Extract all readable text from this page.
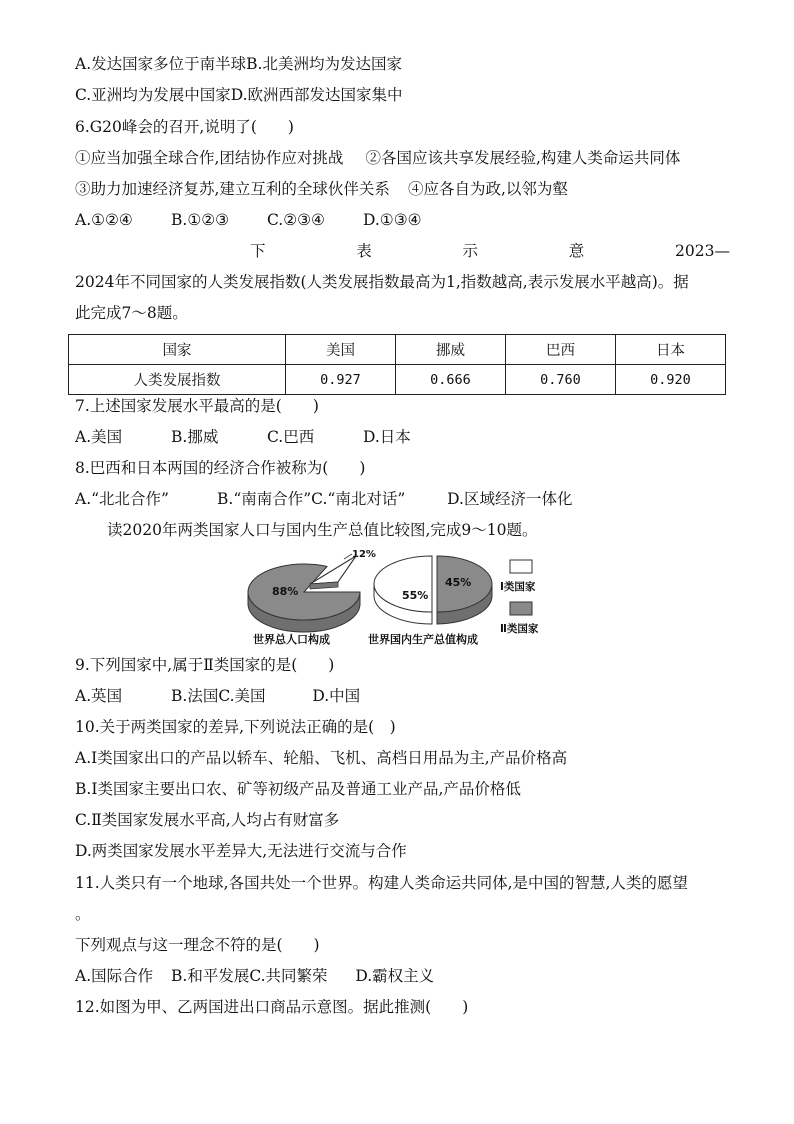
A.发达国家多位于南半球B.北美洲均为发达国家
C.亚洲均为发展中国家D.欧洲西部发达国家集中
6.G20峰会的召开,说明了(　　)
①应当加强全球合作,团结协作应对挑战 ②各国应该共享发展经验,构建人类命运共同体
③助力加速经济复苏,建立互利的全球伙伴关系 ④应各自为政,以邻为壑
A.①②④ B.①②③ C.②③④ D.①③④
下	表	示	意	2023—
2024年不同国家的人类发展指数(人类发展指数最高为1,指数越高,表示发展水平越高)。据
此完成7～8题。
国家	美国	挪威	巴西	日本
人类发展指数	0.927	0.666	0.760	0.920
7.上述国家发展水平最高的是(　　)
A.美国	B.挪威	C.巴西	D.日本
8.巴西和日本两国的经济合作被称为(　　)
A.“北北合作”	B.“南南合作”C.“南北对话”	D.区域经济一体化
读2020年两类国家人口与国内生产总值比较图,完成9～10题。
12%
88%
世界总人口构成
55%
45%
世界国内生产总值构成
Ⅰ类国家
Ⅱ类国家
9.下列国家中,属于Ⅱ类国家的是(　　)
A.英国	B.法国C.美国	D.中国
10.关于两类国家的差异,下列说法正确的是(　)
A.Ⅰ类国家出口的产品以轿车、轮船、飞机、高档日用品为主,产品价格高
B.Ⅰ类国家主要出口农、矿等初级产品及普通工业产品,产品价格低
C.Ⅱ类国家发展水平高,人均占有财富多
D.两类国家发展水平差异大,无法进行交流与合作
11.人类只有一个地球,各国共处一个世界。构建人类命运共同体,是中国的智慧,人类的愿望
。
下列观点与这一理念不符的是(　　)
A.国际合作 B.和平发展C.共同繁荣 D.霸权主义
12.如图为甲、乙两国进出口商品示意图。据此推测(　　)
